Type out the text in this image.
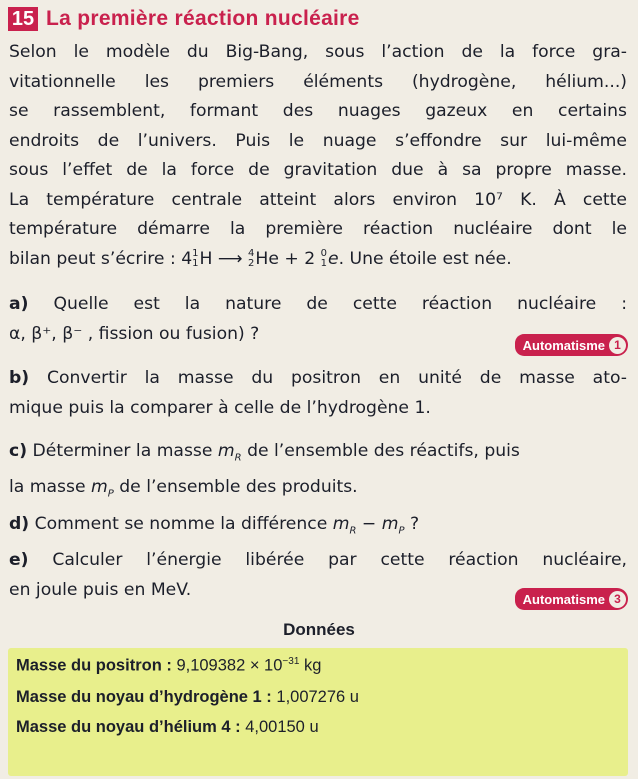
15 La première réaction nucléaire
Selon le modèle du Big-Bang, sous l’action de la force gra-
vitationnelle les premiers éléments (hydrogène, hélium...)
se rassemblent, formant des nuages gazeux en certains
endroits de l’univers. Puis le nuage s’effondre sur lui-même
sous l’effet de la force de gravitation due à sa propre masse.
La température centrale atteint alors environ 10⁷ K. À cette
température démarre la première réaction nucléaire dont le
bilan peut s’écrire : 4 1
1 H ⟶ 4
2 He + 2 0
1 e. Une étoile est née.
a) Quelle est la nature de cette réaction nucléaire :
α, β⁺, β⁻ , fission ou fusion) ?
Automatisme 1
b) Convertir la masse du positron en unité de masse ato-
mique puis la comparer à celle de l’hydrogène 1.
c) Déterminer la masse $m_R$ de l’ensemble des réactifs, puis
la masse $m_P$ de l’ensemble des produits.
d) Comment se nomme la différence $m_R - m_P$ ?
e) Calculer l’énergie libérée par cette réaction nucléaire,
en joule puis en MeV.	Automatisme 3
Données
Masse du positron : $9,109382 \times 10^{-31}$ kg
Masse du noyau d’hydrogène 1 : 1,007276 u
Masse du noyau d’hélium 4 : 4,00150 u
